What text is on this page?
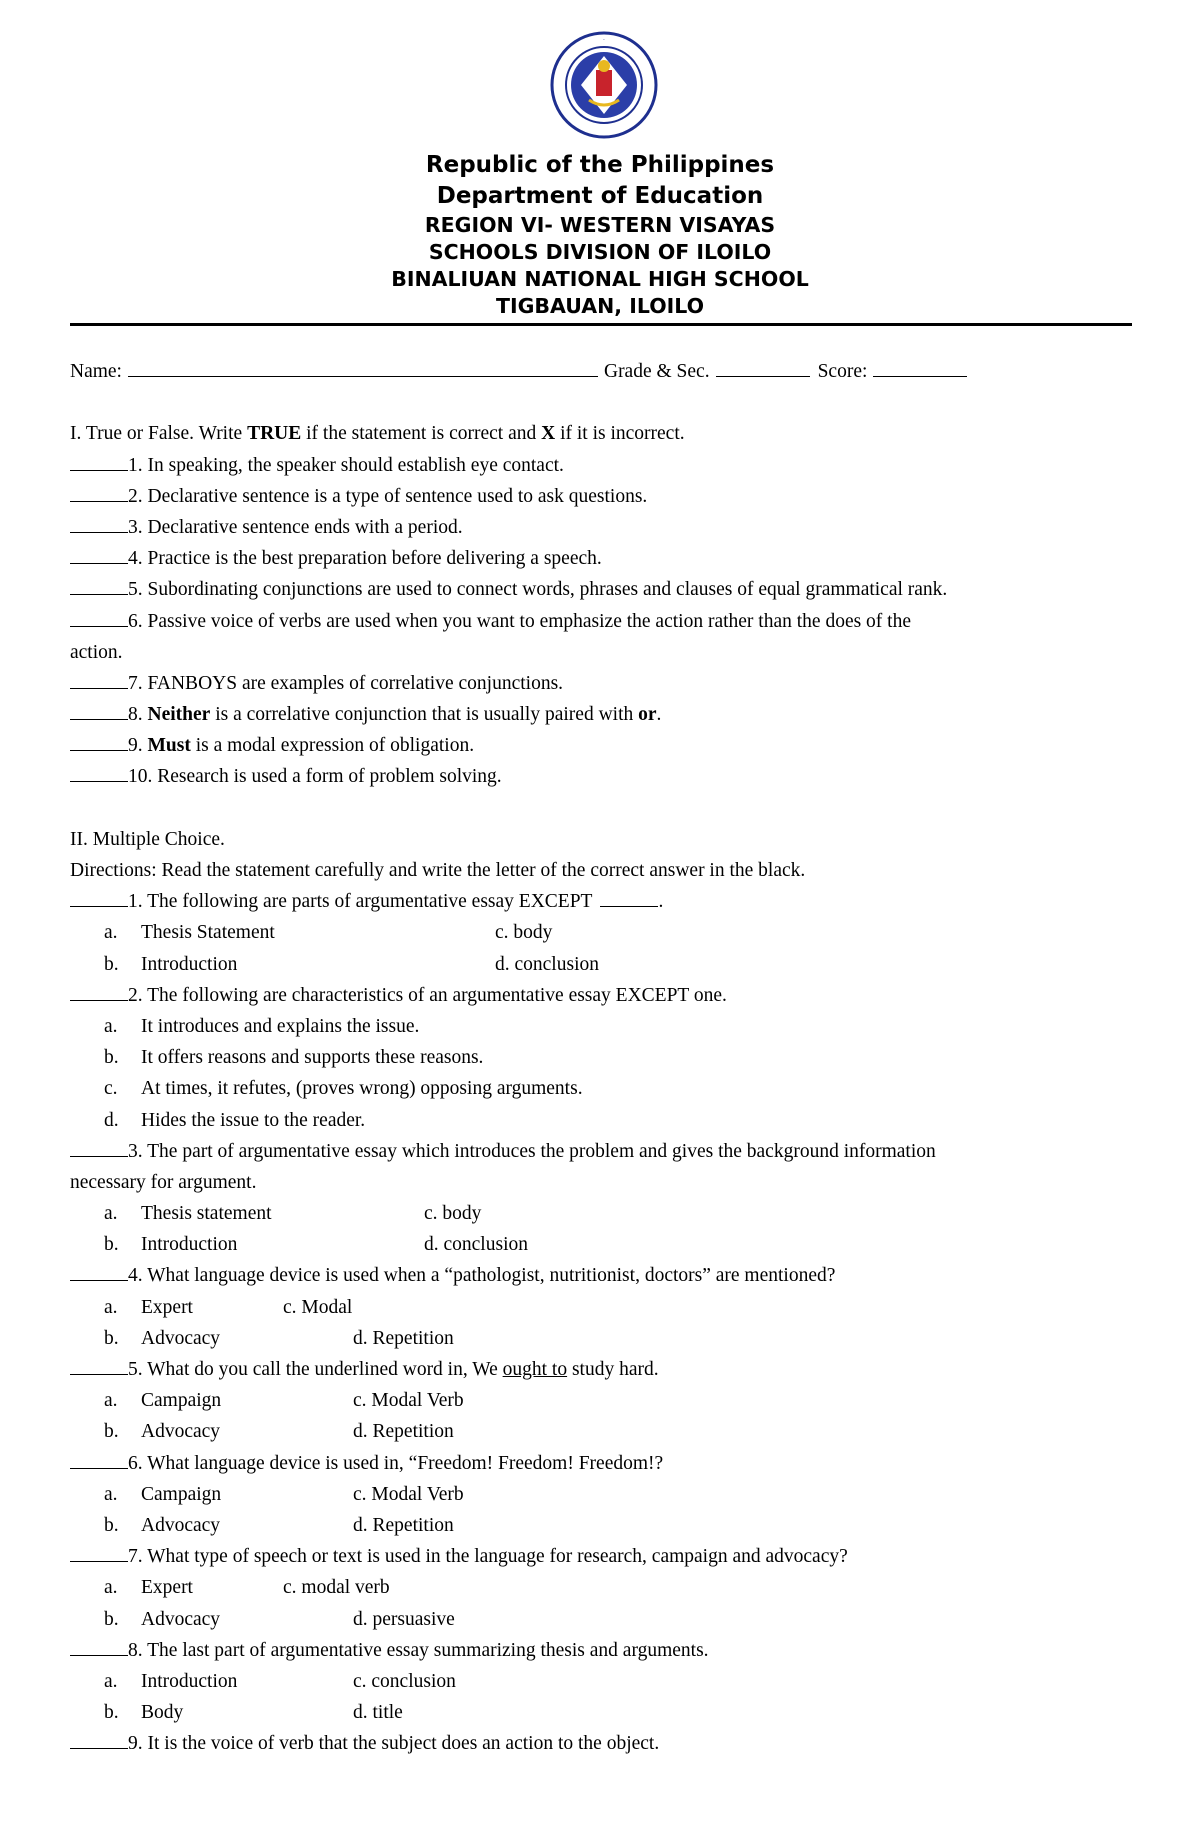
·
Republic of the Philippines
Department of Education
REGION VI- WESTERN VISAYAS
SCHOOLS DIVISION OF ILOILO
BINALIUAN NATIONAL HIGH SCHOOL
TIGBAUAN, ILOILO
Name:	Grade & Sec.	Score:
I. True or False. Write TRUE if the statement is correct and X if it is incorrect.
1. In speaking, the speaker should establish eye contact.
2. Declarative sentence is a type of sentence used to ask questions.
3. Declarative sentence ends with a period.
4. Practice is the best preparation before delivering a speech.
5. Subordinating conjunctions are used to connect words, phrases and clauses of equal grammatical rank.
6. Passive voice of verbs are used when you want to emphasize the action rather than the does of the
action.
7. FANBOYS are examples of correlative conjunctions.
8. Neither is a correlative conjunction that is usually paired with or.
9. Must is a modal expression of obligation.
10. Research is used a form of problem solving.
II. Multiple Choice.
Directions: Read the statement carefully and write the letter of the correct answer in the black.
1. The following are parts of argumentative essay EXCEPT	.
a. Thesis Statement	c. body
b. Introduction	d. conclusion
2. The following are characteristics of an argumentative essay EXCEPT one.
a. It introduces and explains the issue.
b. It offers reasons and supports these reasons.
c. At times, it refutes, (proves wrong) opposing arguments.
d. Hides the issue to the reader.
3. The part of argumentative essay which introduces the problem and gives the background information
necessary for argument.
a. Thesis statement	c. body
b. Introduction	d. conclusion
4. What language device is used when a “pathologist, nutritionist, doctors” are mentioned?
a. Expert	c. Modal
b. Advocacy	d. Repetition
5. What do you call the underlined word in, We ought to study hard.
a. Campaign	c. Modal Verb
b. Advocacy	d. Repetition
6. What language device is used in, “Freedom! Freedom! Freedom!?
a. Campaign	c. Modal Verb
b. Advocacy	d. Repetition
7. What type of speech or text is used in the language for research, campaign and advocacy?
a. Expert	c. modal verb
b. Advocacy	d. persuasive
8. The last part of argumentative essay summarizing thesis and arguments.
a. Introduction	c. conclusion
b. Body	d. title
9. It is the voice of verb that the subject does an action to the object.
